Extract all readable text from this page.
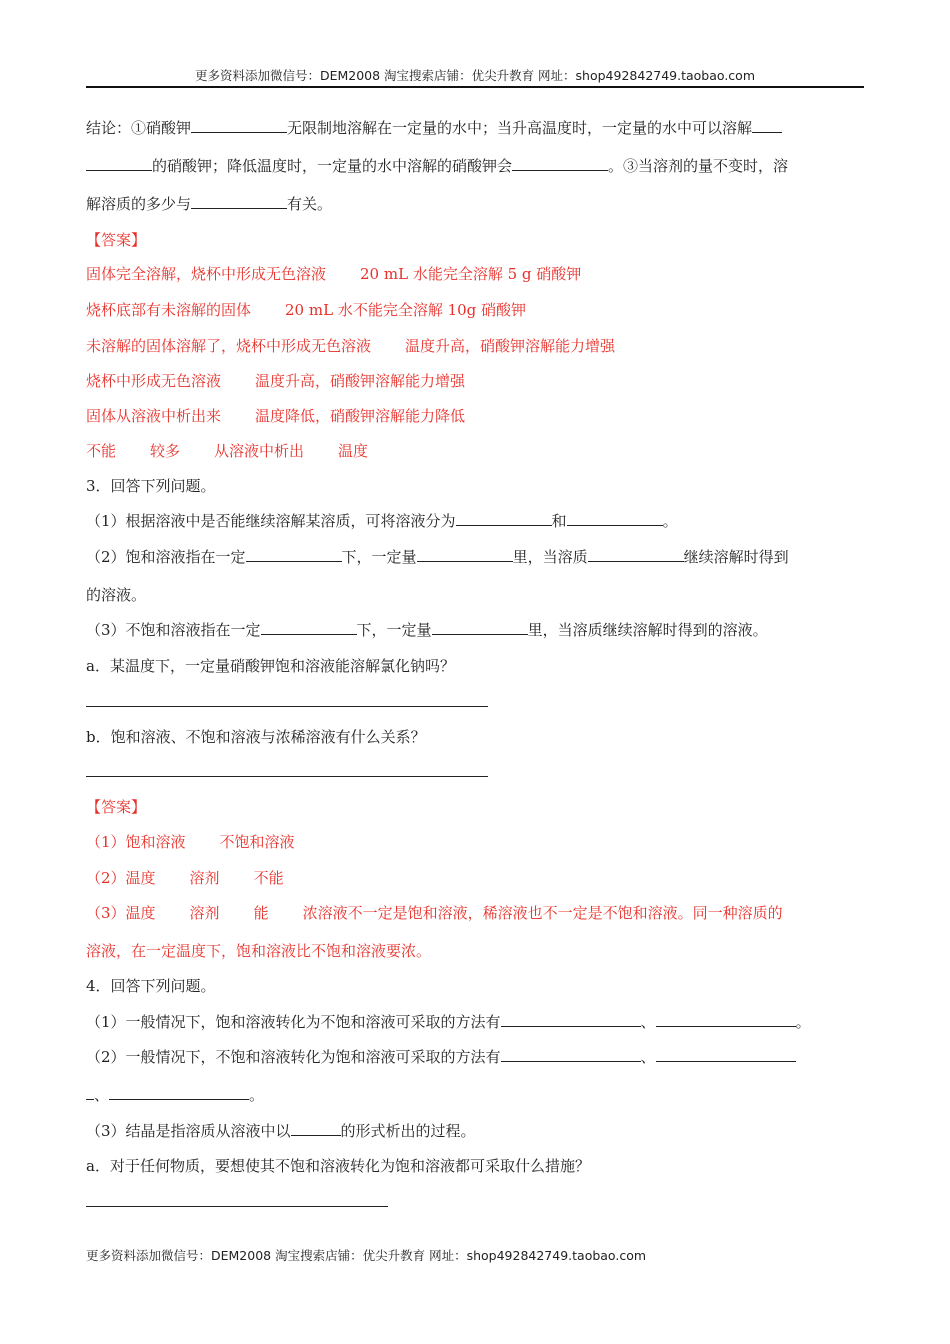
更多资料添加微信号：DEM2008 淘宝搜索店铺：优尖升教育 网址：shop492842749.taobao.com
结论：①硝酸钾	无限制地溶解在一定量的水中；当升高温度时，一定量的水中可以溶解
的硝酸钾；降低温度时，一定量的水中溶解的硝酸钾会	。③当溶剂的量不变时，溶
解溶质的多少与	有关。
【答案】
固体完全溶解，烧杯中形成无色溶液 20 mL 水能完全溶解 5 g 硝酸钾
烧杯底部有未溶解的固体 20 mL 水不能完全溶解 10g 硝酸钾
未溶解的固体溶解了，烧杯中形成无色溶液 温度升高，硝酸钾溶解能力增强
烧杯中形成无色溶液 温度升高，硝酸钾溶解能力增强
固体从溶液中析出来 温度降低，硝酸钾溶解能力降低
不能 较多 从溶液中析出 温度
3．回答下列问题。
（1）根据溶液中是否能继续溶解某溶质，可将溶液分为	和	。
（2）饱和溶液指在一定	下，一定量	里，当溶质	继续溶解时得到
的溶液。
（3）不饱和溶液指在一定	下，一定量	里，当溶质继续溶解时得到的溶液。
a．某温度下，一定量硝酸钾饱和溶液能溶解氯化钠吗？
b．饱和溶液、不饱和溶液与浓稀溶液有什么关系？
【答案】
（1）饱和溶液 不饱和溶液
（2）温度 溶剂 不能
（3）温度 溶剂 能 浓溶液不一定是饱和溶液，稀溶液也不一定是不饱和溶液。同一种溶质的
溶液，在一定温度下，饱和溶液比不饱和溶液要浓。
4．回答下列问题。
（1）一般情况下，饱和溶液转化为不饱和溶液可采取的方法有	、	。
（2）一般情况下，不饱和溶液转化为饱和溶液可采取的方法有	、
、	。
（3）结晶是指溶质从溶液中以	的形式析出的过程。
a．对于任何物质，要想使其不饱和溶液转化为饱和溶液都可采取什么措施？
更多资料添加微信号：DEM2008 淘宝搜索店铺：优尖升教育 网址：shop492842749.taobao.com
